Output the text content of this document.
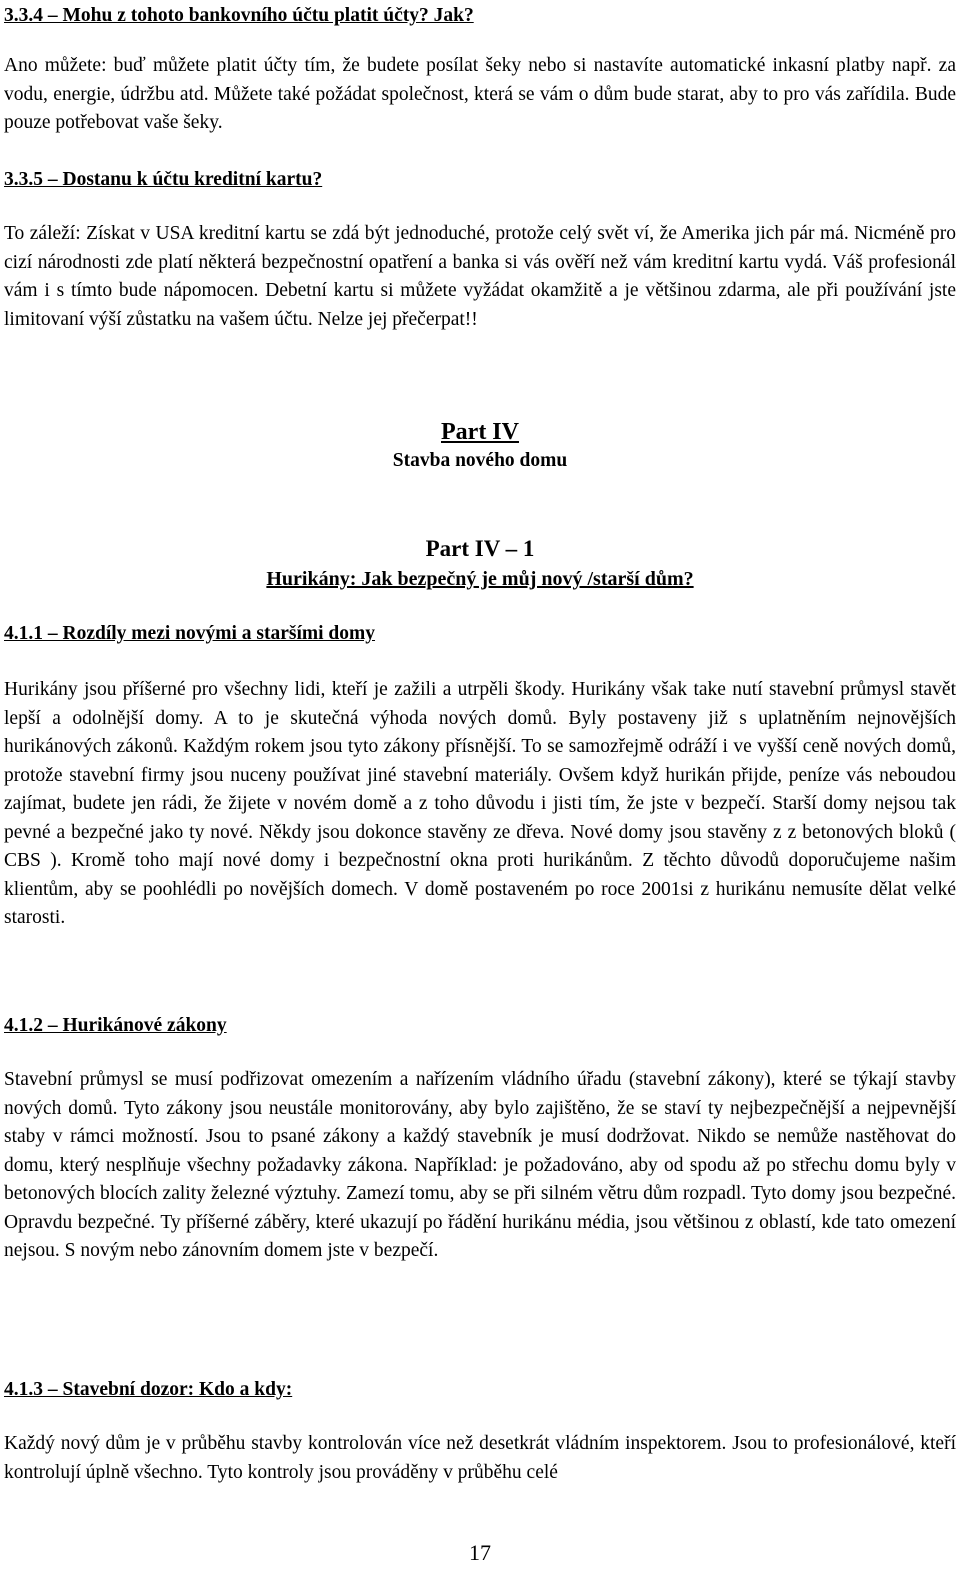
3.3.4 – Mohu z tohoto bankovního účtu platit účty? Jak?

Ano můžete: buď můžete platit účty tím, že budete posílat šeky nebo si nastavíte automatické inkasní platby např. za vodu, energie, údržbu atd. Můžete také požádat společnost, která se vám o dům bude starat, aby to pro vás zařídila. Bude pouze potřebovat vaše šeky.

3.3.5 – Dostanu k účtu kreditní kartu?

To záleží: Získat v USA kreditní kartu se zdá být jednoduché, protože celý svět ví, že Amerika jich pár má. Nicméně pro cizí národnosti zde platí některá bezpečnostní opatření a banka si vás ověří než vám kreditní kartu vydá. Váš profesionál vám i s tímto bude nápomocen. Debetní kartu si můžete vyžádat okamžitě a je většinou zdarma, ale při používání jste limitovaní výší zůstatku na vašem účtu. Nelze jej přečerpat!!

Part IV
Stavba nového domu
Part IV – 1
Hurikány: Jak bezpečný je můj nový /starší dům?
4.1.1 – Rozdíly mezi novými a staršími domy

Hurikány jsou příšerné pro všechny lidi, kteří je zažili a utrpěli škody. Hurikány však take nutí stavební průmysl stavět lepší a odolnější domy. A to je skutečná výhoda nových domů. Byly postaveny již s uplatněním nejnovějších hurikánových zákonů. Každým rokem jsou tyto zákony přísnější. To se samozřejmě odráží i ve vyšší ceně nových domů, protože stavební firmy jsou nuceny používat jiné stavební materiály. Ovšem když hurikán přijde, peníze vás neboudou zajímat, budete jen rádi, že žijete v novém domě a z toho důvodu i jisti tím, že jste v bezpečí. Starší domy nejsou tak pevné a bezpečné jako ty nové. Někdy jsou dokonce stavěny ze dřeva. Nové domy jsou stavěny z z betonových bloků ( CBS ). Kromě toho mají nové domy i bezpečnostní okna proti hurikánům. Z těchto důvodů doporučujeme našim klientům, aby se poohlédli po novějších domech. V domě postaveném po roce 2001si z hurikánu nemusíte dělat velké starosti.

4.1.2 – Hurikánové zákony

Stavební průmysl se musí podřizovat omezením a nařízením vládního úřadu (stavební zákony), které se týkají stavby nových domů. Tyto zákony jsou neustále monitorovány, aby bylo zajištěno, že se staví ty nejbezpečnější a nejpevnější staby v rámci možností. Jsou to psané zákony a každý stavebník je musí dodržovat. Nikdo se nemůže nastěhovat do domu, který nesplňuje všechny požadavky zákona. Například: je požadováno, aby od spodu až po střechu domu byly v betonových blocích zality železné výztuhy. Zamezí tomu, aby se při silném větru dům rozpadl. Tyto domy jsou bezpečné. Opravdu bezpečné. Ty příšerné záběry, které ukazují po řádění hurikánu média, jsou většinou z oblastí, kde tato omezení nejsou. S novým nebo zánovním domem jste v bezpečí.

4.1.3 – Stavební dozor: Kdo a kdy:

Každý nový dům je v průběhu stavby kontrolován více než desetkrát vládním inspektorem. Jsou to profesionálové, kteří kontrolují úplně všechno. Tyto kontroly jsou prováděny v průběhu celé

17
